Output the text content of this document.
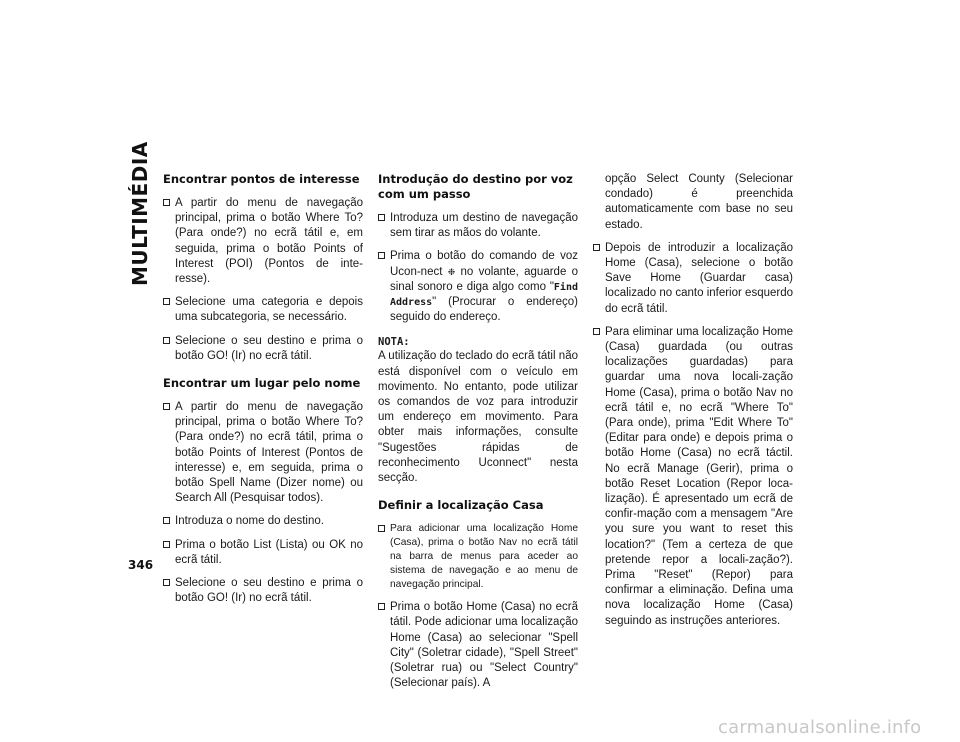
MULTIMÉDIA
346
Encontrar pontos de interesse
A partir do menu de navegação principal, prima o botão Where To? (Para onde?) no ecrã tátil e, em seguida, prima o botão Points of Interest (POI) (Pontos de inte-resse).
Selecione uma categoria e depois uma subcategoria, se necessário.
Selecione o seu destino e prima o botão GO! (Ir) no ecrã tátil.
Encontrar um lugar pelo nome
A partir do menu de navegação principal, prima o botão Where To? (Para onde?) no ecrã tátil, prima o botão Points of Interest (Pontos de interesse) e, em seguida, prima o botão Spell Name (Dizer nome) ou Search All (Pesquisar todos).
Introduza o nome do destino.
Prima o botão List (Lista) ou OK no ecrã tátil.
Selecione o seu destino e prima o botão GO! (Ir) no ecrã tátil.
Introdução do destino por voz com um passo
Introduza um destino de navegação sem tirar as mãos do volante.
Prima o botão do comando de voz Ucon-nect ❉ no volante, aguarde o sinal sonoro e diga algo como "Find Address" (Procurar o endereço) seguido do endereço.
NOTA:

A utilização do teclado do ecrã tátil não está disponível com o veículo em movimento. No entanto, pode utilizar os comandos de voz para introduzir um endereço em movimento. Para obter mais informações, consulte "Sugestões rápidas de reconhecimento Uconnect" nesta secção.

Definir a localização Casa
Para adicionar uma localização Home (Casa), prima o botão Nav no ecrã tátil na barra de menus para aceder ao sistema de navegação e ao menu de navegação principal.
Prima o botão Home (Casa) no ecrã tátil. Pode adicionar uma localização Home (Casa) ao selecionar "Spell City" (Soletrar cidade), "Spell Street" (Soletrar rua) ou "Select Country" (Selecionar país). A
opção Select County (Selecionar condado) é preenchida automaticamente com base no seu estado.
Depois de introduzir a localização Home (Casa), selecione o botão Save Home (Guardar casa) localizado no canto inferior esquerdo do ecrã tátil.
Para eliminar uma localização Home (Casa) guardada (ou outras localizações guardadas) para guardar uma nova locali-zação Home (Casa), prima o botão Nav no ecrã tátil e, no ecrã "Where To" (Para onde), prima "Edit Where To" (Editar para onde) e depois prima o botão Home (Casa) no ecrã táctil. No ecrã Manage (Gerir), prima o botão Reset Location (Repor loca-lização). É apresentado um ecrã de confir-mação com a mensagem "Are you sure you want to reset this location?" (Tem a certeza de que pretende repor a locali-zação?). Prima "Reset" (Repor) para confirmar a eliminação. Defina uma nova localização Home (Casa) seguindo as instruções anteriores.
carmanualsonline.info
